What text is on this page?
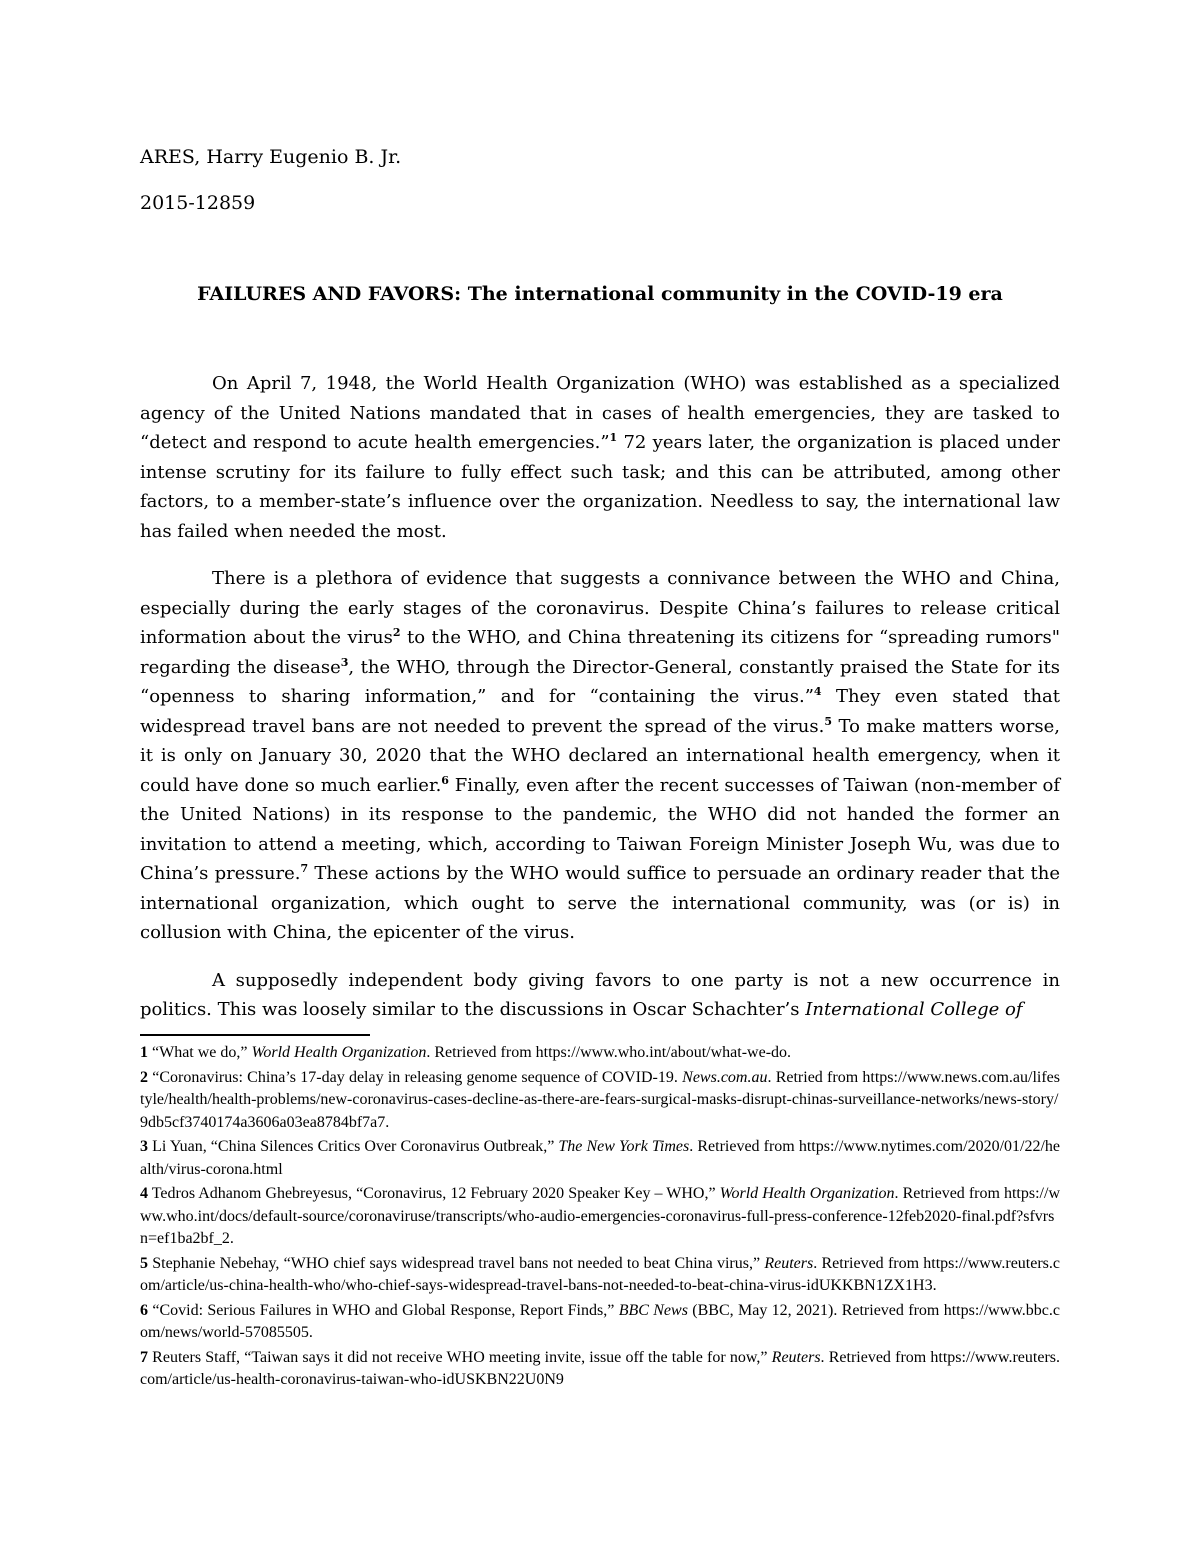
ARES, Harry Eugenio B. Jr.
2015-12859
FAILURES AND FAVORS: The international community in the COVID-19 era

On April 7, 1948, the World Health Organization (WHO) was established as a specialized agency of the United Nations mandated that in cases of health emergencies, they are tasked to “detect and respond to acute health emergencies.”$^1$ 72 years later, the organization is placed under intense scrutiny for its failure to fully effect such task; and this can be attributed, among other factors, to a member-state’s influence over the organization. Needless to say, the international law has failed when needed the most.

There is a plethora of evidence that suggests a connivance between the WHO and China, especially during the early stages of the coronavirus. Despite China’s failures to release critical information about the virus$^2$ to the WHO, and China threatening its citizens for “spreading rumors" regarding the disease$^3$, the WHO, through the Director-General, constantly praised the State for its “openness to sharing information,” and for “containing the virus.”$^4$ They even stated that widespread travel bans are not needed to prevent the spread of the virus.$^5$ To make matters worse, it is only on January 30, 2020 that the WHO declared an international health emergency, when it could have done so much earlier.$^6$ Finally, even after the recent successes of Taiwan (non-member of the United Nations) in its response to the pandemic, the WHO did not handed the former an invitation to attend a meeting, which, according to Taiwan Foreign Minister Joseph Wu, was due to China’s pressure.$^7$ These actions by the WHO would suffice to persuade an ordinary reader that the international organization, which ought to serve the international community, was (or is) in collusion with China, the epicenter of the virus.

A supposedly independent body giving favors to one party is not a new occurrence in politics. This was loosely similar to the discussions in Oscar Schachter’s International College of

1 “What we do,” World Health Organization. Retrieved from https://www.who.int/about/what-we-do.

2 “Coronavirus: China’s 17-day delay in releasing genome sequence of COVID-19. News.com.au. Retried from https://www.news.com.au/lifestyle/health/health-problems/new-coronavirus-cases-decline-as-there-are-fears-surgical-masks-disrupt-chinas-surveillance-networks/news-story/9db5cf3740174a3606a03ea8784bf7a7.

3 Li Yuan, “China Silences Critics Over Coronavirus Outbreak,” The New York Times. Retrieved from https://www.nytimes.com/2020/01/22/health/virus-corona.html

4 Tedros Adhanom Ghebreyesus, “Coronavirus, 12 February 2020 Speaker Key – WHO,” World Health Organization. Retrieved from https://www.who.int/docs/default-source/coronaviruse/transcripts/who-audio-emergencies-coronavirus-full-press-conference-12feb2020-final.pdf?sfvrsn=ef1ba2bf_2.

5 Stephanie Nebehay, “WHO chief says widespread travel bans not needed to beat China virus,” Reuters. Retrieved from https://www.reuters.com/article/us-china-health-who/who-chief-says-widespread-travel-bans-not-needed-to-beat-china-virus-idUKKBN1ZX1H3.

6 “Covid: Serious Failures in WHO and Global Response, Report Finds,” BBC News (BBC, May 12, 2021). Retrieved from https://www.bbc.com/news/world-57085505.

7 Reuters Staff, “Taiwan says it did not receive WHO meeting invite, issue off the table for now,” Reuters. Retrieved from https://www.reuters.com/article/us-health-coronavirus-taiwan-who-idUSKBN22U0N9
